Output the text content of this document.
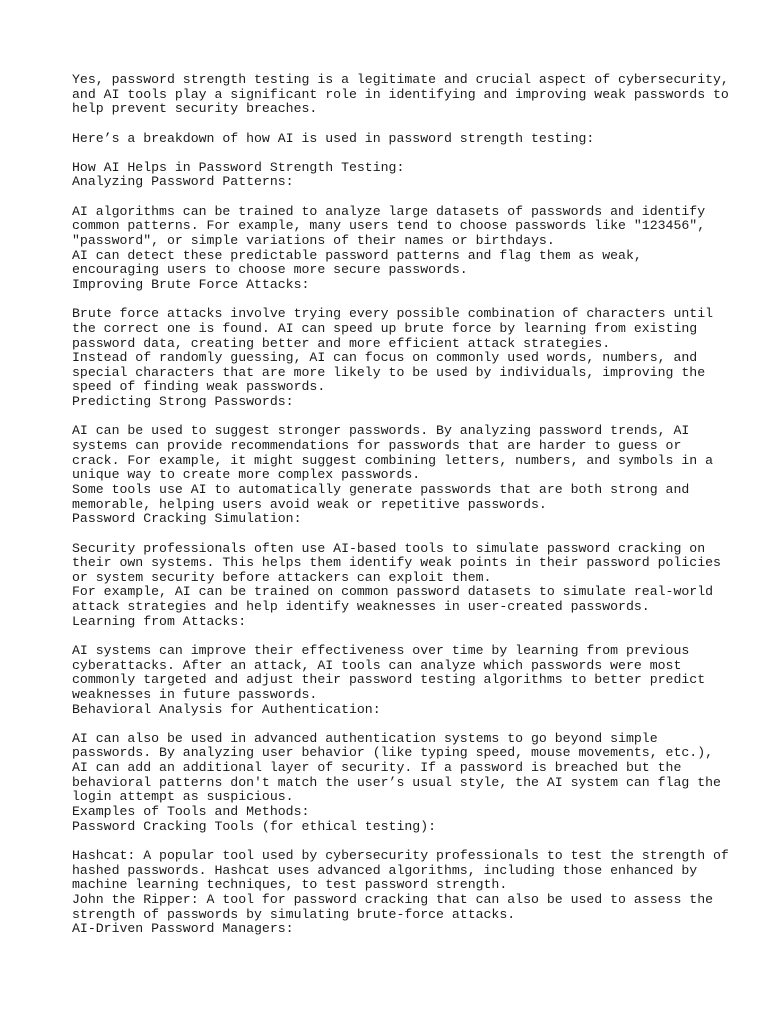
Yes, password strength testing is a legitimate and crucial aspect of cybersecurity,
and AI tools play a significant role in identifying and improving weak passwords to
help prevent security breaches.
Here’s a breakdown of how AI is used in password strength testing:
How AI Helps in Password Strength Testing:
Analyzing Password Patterns:
AI algorithms can be trained to analyze large datasets of passwords and identify
common patterns. For example, many users tend to choose passwords like "123456",
"password", or simple variations of their names or birthdays.
AI can detect these predictable password patterns and flag them as weak,
encouraging users to choose more secure passwords.
Improving Brute Force Attacks:
Brute force attacks involve trying every possible combination of characters until
the correct one is found. AI can speed up brute force by learning from existing
password data, creating better and more efficient attack strategies.
Instead of randomly guessing, AI can focus on commonly used words, numbers, and
special characters that are more likely to be used by individuals, improving the
speed of finding weak passwords.
Predicting Strong Passwords:
AI can be used to suggest stronger passwords. By analyzing password trends, AI
systems can provide recommendations for passwords that are harder to guess or
crack. For example, it might suggest combining letters, numbers, and symbols in a
unique way to create more complex passwords.
Some tools use AI to automatically generate passwords that are both strong and
memorable, helping users avoid weak or repetitive passwords.
Password Cracking Simulation:
Security professionals often use AI-based tools to simulate password cracking on
their own systems. This helps them identify weak points in their password policies
or system security before attackers can exploit them.
For example, AI can be trained on common password datasets to simulate real-world
attack strategies and help identify weaknesses in user-created passwords.
Learning from Attacks:
AI systems can improve their effectiveness over time by learning from previous
cyberattacks. After an attack, AI tools can analyze which passwords were most
commonly targeted and adjust their password testing algorithms to better predict
weaknesses in future passwords.
Behavioral Analysis for Authentication:
AI can also be used in advanced authentication systems to go beyond simple
passwords. By analyzing user behavior (like typing speed, mouse movements, etc.),
AI can add an additional layer of security. If a password is breached but the
behavioral patterns don't match the user’s usual style, the AI system can flag the
login attempt as suspicious.
Examples of Tools and Methods:
Password Cracking Tools (for ethical testing):
Hashcat: A popular tool used by cybersecurity professionals to test the strength of
hashed passwords. Hashcat uses advanced algorithms, including those enhanced by
machine learning techniques, to test password strength.
John the Ripper: A tool for password cracking that can also be used to assess the
strength of passwords by simulating brute-force attacks.
AI-Driven Password Managers:
